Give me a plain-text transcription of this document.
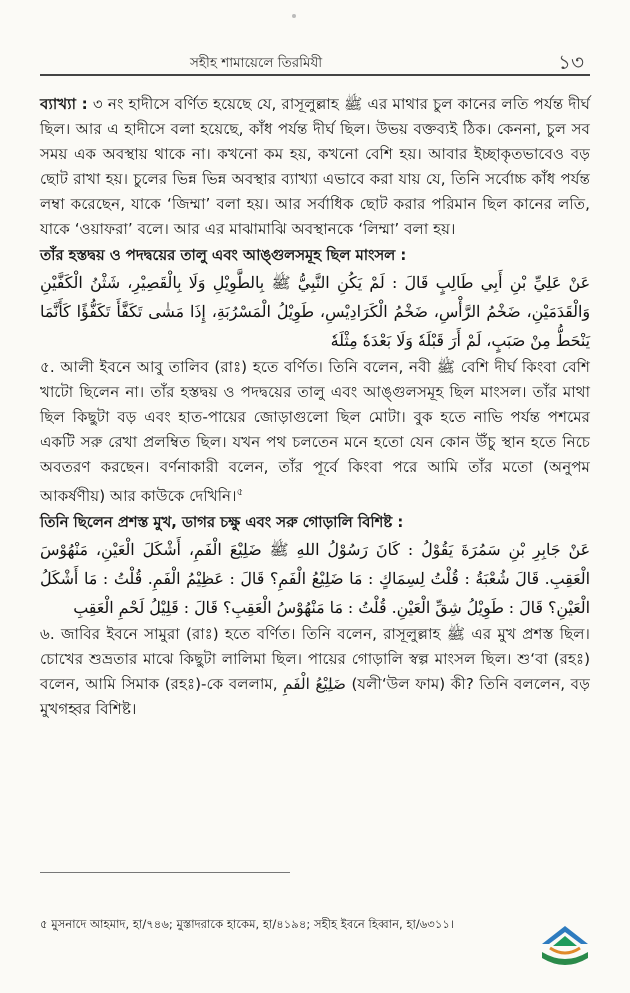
সহীহ শামায়েলে তিরমিযী	১৩

ব্যাখ্যা : ৩ নং হাদীসে বর্ণিত হয়েছে যে, রাসূলুল্লাহ ﷺ এর মাথার চুল কানের লতি পর্যন্ত দীর্ঘ ছিল। আর এ হাদীসে বলা হয়েছে, কাঁধ পর্যন্ত দীর্ঘ ছিল। উভয় বক্তব্যই ঠিক। কেননা, চুল সব সময় এক অবস্থায় থাকে না। কখনো কম হয়, কখনো বেশি হয়। আবার ইচ্ছাকৃতভাবেও বড় ছোট রাখা হয়। চুলের ভিন্ন ভিন্ন অবস্থার ব্যাখ্যা এভাবে করা যায় যে, তিনি সর্বোচ্চ কাঁধ পর্যন্ত লম্বা করেছেন, যাকে ‘জিম্মা’ বলা হয়। আর সর্বাধিক ছোট করার পরিমান ছিল কানের লতি, যাকে ‘ওয়াফরা’ বলে। আর এর মাঝামাঝি অবস্থানকে ‘লিম্মা’ বলা হয়।

তাঁর হস্তদ্বয় ও পদদ্বয়ের তালু এবং আঙ্গুলসমূহ ছিল মাংসল :

عَنْ عَلِيِّ بْنِ أَبِي طَالِبٍ قَالَ : لَمْ يَكُنِ النَّبِيُّ ﷺ بِالطَّوِيْلِ وَلَا بِالْقَصِيْرِ، شَثْنُ الْكَفَّيْنِ وَالْقَدَمَيْنِ، ضَخْمُ الرَّأْسِ، ضَخْمُ الْكَرَادِيْسِ، طَوِيْلُ الْمَسْرُبَةِ، إِذَا مَشٰى تَكَفَّأَ تَكَفُّؤًا كَأَنَّمَا يَنْحَطُّ مِنْ صَبَبٍ، لَمْ أَرَ قَبْلَهٗ وَلَا بَعْدَهٗ مِثْلَهٗ

৫. আলী ইবনে আবু তালিব (রাঃ) হতে বর্ণিত। তিনি বলেন, নবী ﷺ বেশি দীর্ঘ কিংবা বেশি খাটো ছিলেন না। তাঁর হস্তদ্বয় ও পদদ্বয়ের তালু এবং আঙ্গুলসমূহ ছিল মাংসল। তাঁর মাথা ছিল কিছুটা বড় এবং হাত-পায়ের জোড়াগুলো ছিল মোটা। বুক হতে নাভি পর্যন্ত পশমের একটি সরু রেখা প্রলম্বিত ছিল। যখন পথ চলতেন মনে হতো যেন কোন উঁচু স্থান হতে নিচে অবতরণ করছেন। বর্ণনাকারী বলেন, তাঁর পূর্বে কিংবা পরে আমি তাঁর মতো (অনুপম আকর্ষণীয়) আর কাউকে দেখিনি।$^৫$

তিনি ছিলেন প্রশস্ত মুখ, ডাগর চক্ষু এবং সরু গোড়ালি বিশিষ্ট :

عَنْ جَابِرِ بْنِ سَمُرَةَ يَقُوْلُ : كَانَ رَسُوْلُ اللهِ ﷺ ضَلِيْعَ الْفَمِ، أَشْكَلَ الْعَيْنِ، مَنْهُوْسَ الْعَقِبِ. قَالَ شُعْبَةُ : قُلْتُ لِسِمَاكٍ : مَا ضَلِيْعُ الْفَمِ؟ قَالَ : عَظِيْمُ الْفَمِ. قُلْتُ : مَا أَشْكَلُ الْعَيْنِ؟ قَالَ : طَوِيْلُ شِقِّ الْعَيْنِ. قُلْتُ : مَا مَنْهُوْسُ الْعَقِبِ؟ قَالَ : قَلِيْلُ لَحْمِ الْعَقِبِ

৬. জাবির ইবনে সামুরা (রাঃ) হতে বর্ণিত। তিনি বলেন, রাসূলুল্লাহ ﷺ এর মুখ প্রশস্ত ছিল। চোখের শুভ্রতার মাঝে কিছুটা লালিমা ছিল। পায়ের গোড়ালি স্বল্প মাংসল ছিল। শু‘বা (রহঃ) বলেন, আমি সিমাক (রহঃ)-কে বললাম, ضَلِيْعُ الْفَمِ (যলী‘উল ফাম) কী? তিনি বললেন, বড় মুখগহ্বর বিশিষ্ট।

৫ মুসনাদে আহমাদ, হা/৭৪৬; মুস্তাদরাকে হাকেম, হা/৪১৯৪; সহীহ ইবনে হিব্বান, হা/৬৩১১।
